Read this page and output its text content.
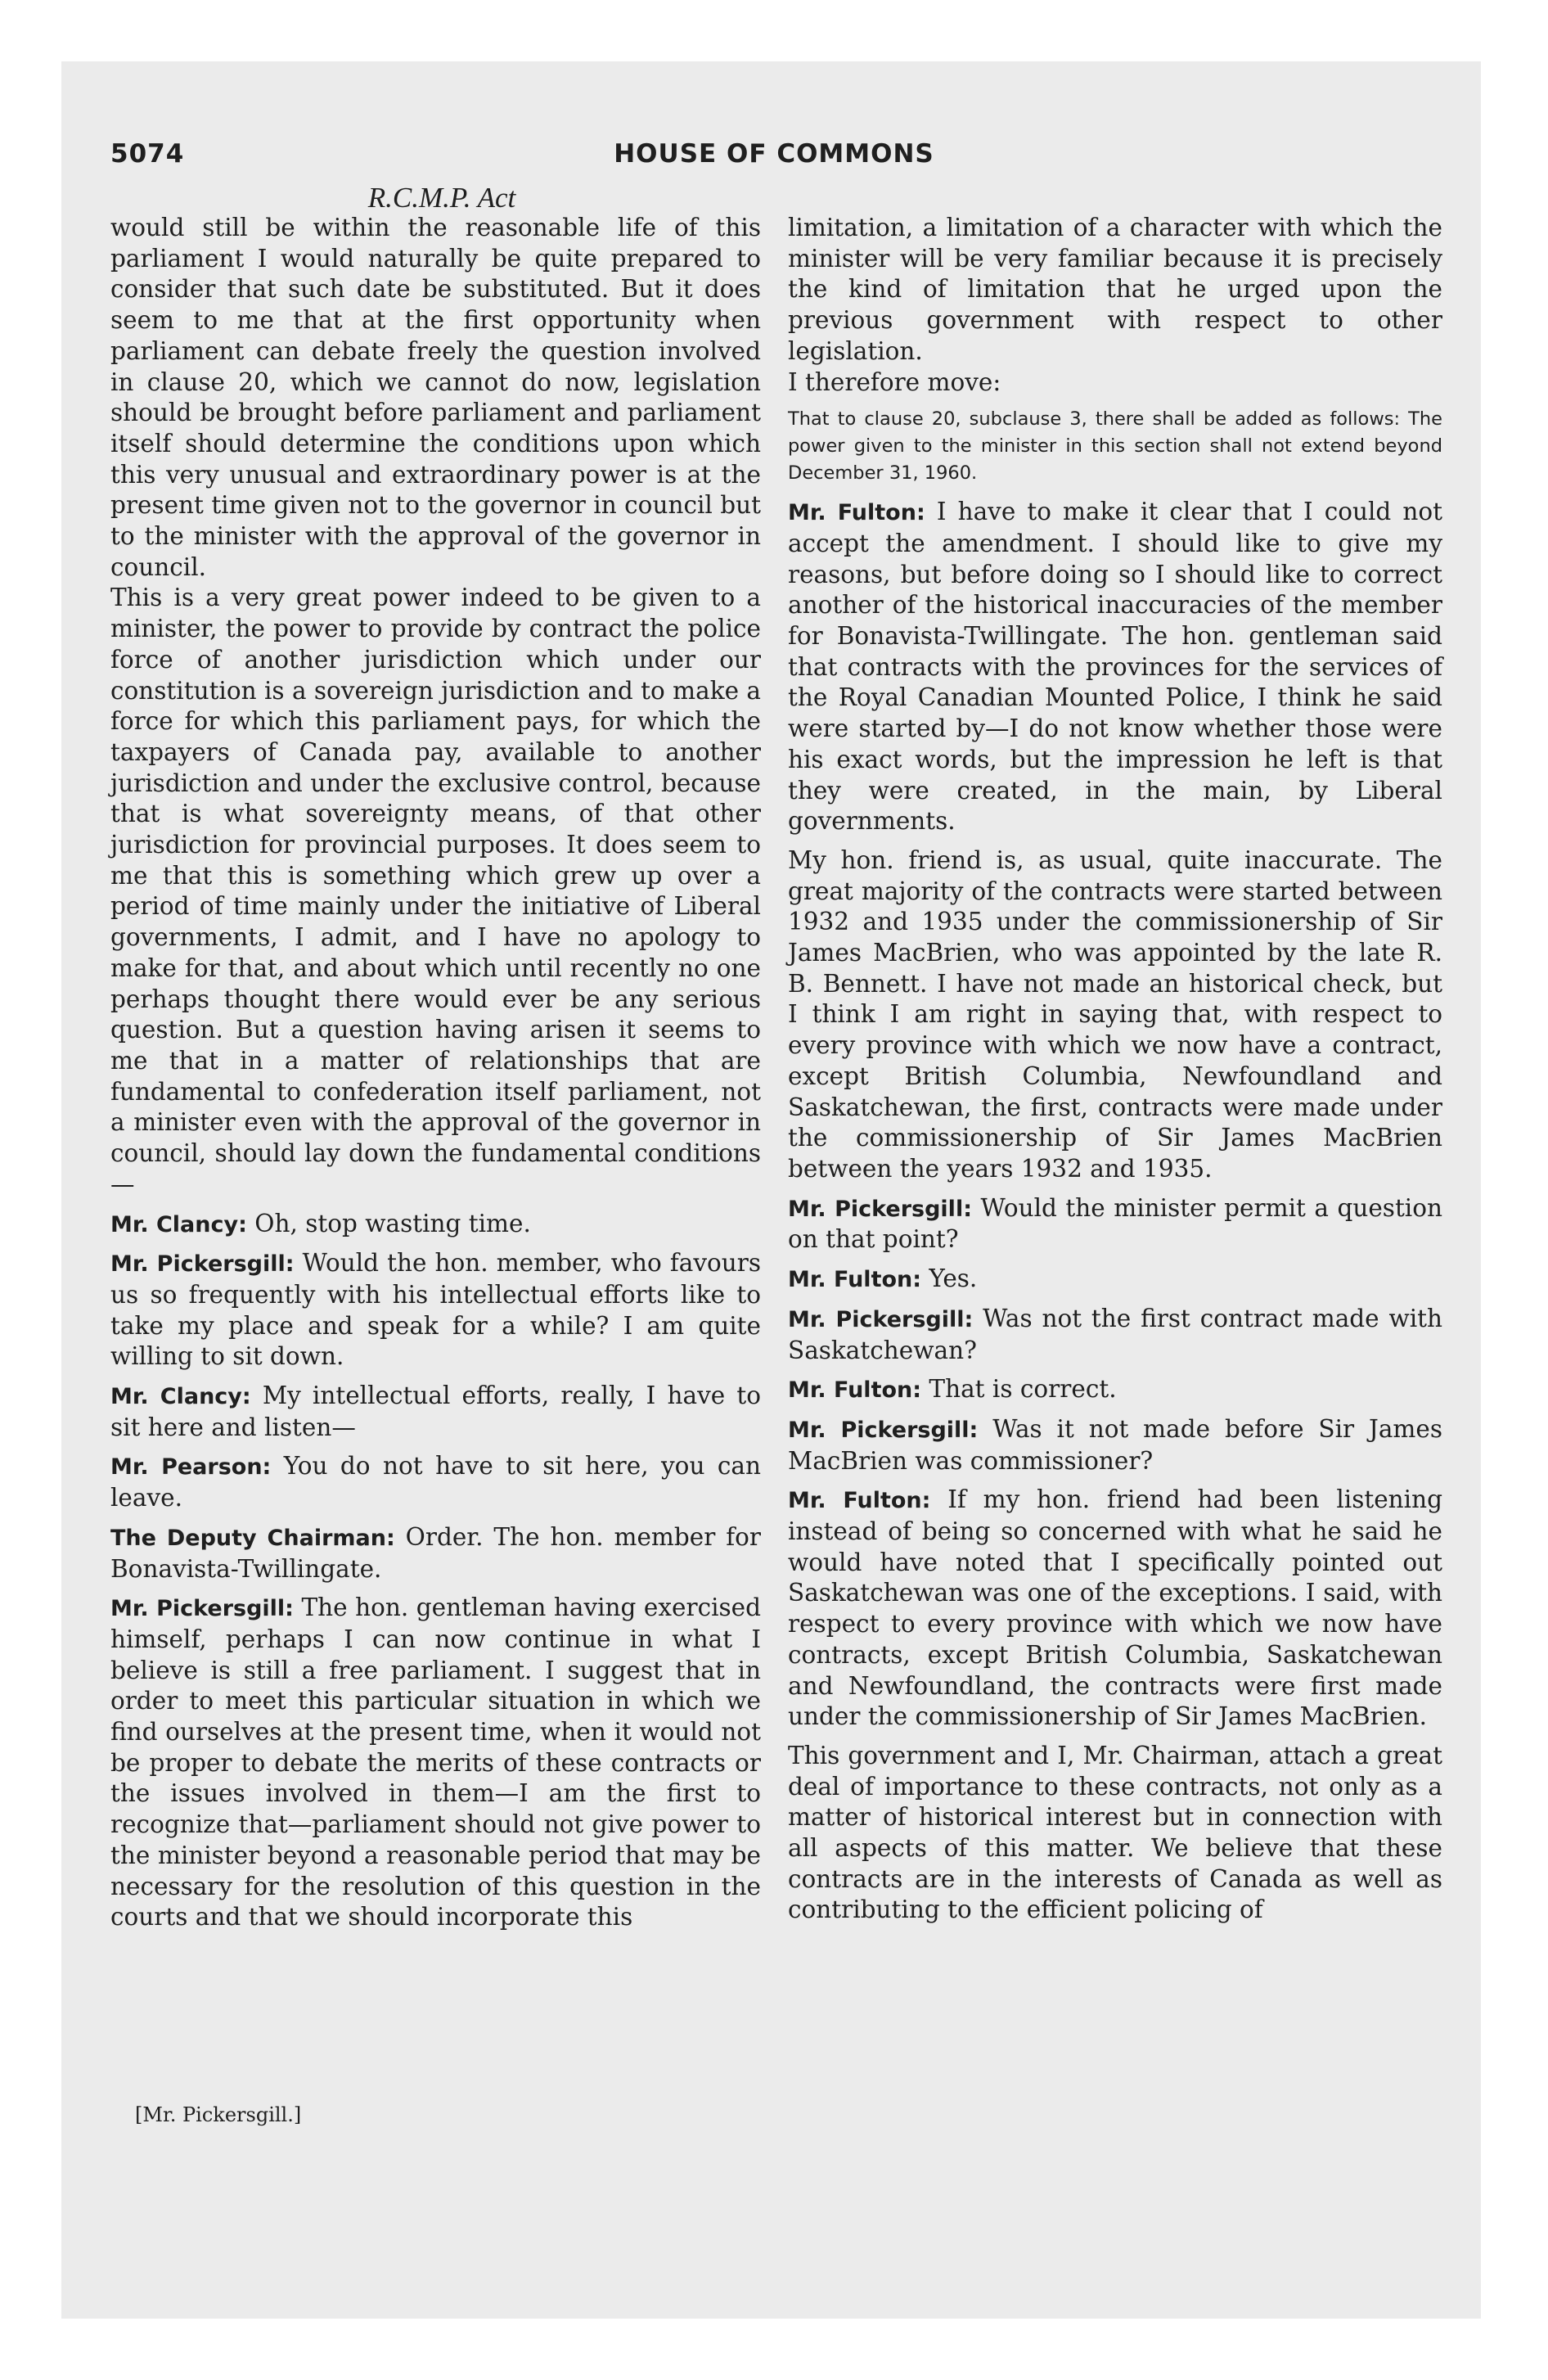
5074	HOUSE OF COMMONS
R.C.M.P. Act

would still be within the reasonable life of this parliament I would naturally be quite prepared to consider that such date be substituted. But it does seem to me that at the first opportunity when parliament can debate freely the question involved in clause 20, which we cannot do now, legislation should be brought before parliament and parliament itself should determine the conditions upon which this very unusual and extraordinary power is at the present time given not to the governor in council but to the minister with the approval of the governor in council.

This is a very great power indeed to be given to a minister, the power to provide by contract the police force of another jurisdiction which under our constitution is a sovereign jurisdiction and to make a force for which this parliament pays, for which the taxpayers of Canada pay, available to another jurisdiction and under the exclusive control, because that is what sovereignty means, of that other jurisdiction for provincial purposes. It does seem to me that this is something which grew up over a period of time mainly under the initiative of Liberal governments, I admit, and I have no apology to make for that, and about which until recently no one perhaps thought there would ever be any serious question. But a question having arisen it seems to me that in a matter of relationships that are fundamental to confederation itself parliament, not a minister even with the approval of the governor in council, should lay down the fundamental conditions—

Mr. Clancy: Oh, stop wasting time.

Mr. Pickersgill: Would the hon. member, who favours us so frequently with his intellectual efforts like to take my place and speak for a while? I am quite willing to sit down.

Mr. Clancy: My intellectual efforts, really, I have to sit here and listen—

Mr. Pearson: You do not have to sit here, you can leave.

The Deputy Chairman: Order. The hon. member for Bonavista-Twillingate.

Mr. Pickersgill: The hon. gentleman having exercised himself, perhaps I can now continue in what I believe is still a free parliament. I suggest that in order to meet this particular situation in which we find ourselves at the present time, when it would not be proper to debate the merits of these contracts or the issues involved in them—I am the first to recognize that—parliament should not give power to the minister beyond a reasonable period that may be necessary for the resolution of this question in the courts and that we should incorporate this

limitation, a limitation of a character with which the minister will be very familiar because it is precisely the kind of limitation that he urged upon the previous government with respect to other legislation.

I therefore move:

That to clause 20, subclause 3, there shall be added as follows: The power given to the minister in this section shall not extend beyond December 31, 1960.

Mr. Fulton: I have to make it clear that I could not accept the amendment. I should like to give my reasons, but before doing so I should like to correct another of the historical inaccuracies of the member for Bonavista-Twillingate. The hon. gentleman said that contracts with the provinces for the services of the Royal Canadian Mounted Police, I think he said were started by—I do not know whether those were his exact words, but the impression he left is that they were created, in the main, by Liberal governments.

My hon. friend is, as usual, quite inaccurate. The great majority of the contracts were started between 1932 and 1935 under the commissionership of Sir James MacBrien, who was appointed by the late R. B. Bennett. I have not made an historical check, but I think I am right in saying that, with respect to every province with which we now have a contract, except British Columbia, Newfoundland and Saskatchewan, the first, contracts were made under the commissionership of Sir James MacBrien between the years 1932 and 1935.

Mr. Pickersgill: Would the minister permit a question on that point?

Mr. Fulton: Yes.

Mr. Pickersgill: Was not the first contract made with Saskatchewan?

Mr. Fulton: That is correct.

Mr. Pickersgill: Was it not made before Sir James MacBrien was commissioner?

Mr. Fulton: If my hon. friend had been listening instead of being so concerned with what he said he would have noted that I specifically pointed out Saskatchewan was one of the exceptions. I said, with respect to every province with which we now have contracts, except British Columbia, Saskatchewan and Newfoundland, the contracts were first made under the commissionership of Sir James MacBrien.

This government and I, Mr. Chairman, attach a great deal of importance to these contracts, not only as a matter of historical interest but in connection with all aspects of this matter. We believe that these contracts are in the interests of Canada as well as contributing to the efficient policing of

[Mr. Pickersgill.]
